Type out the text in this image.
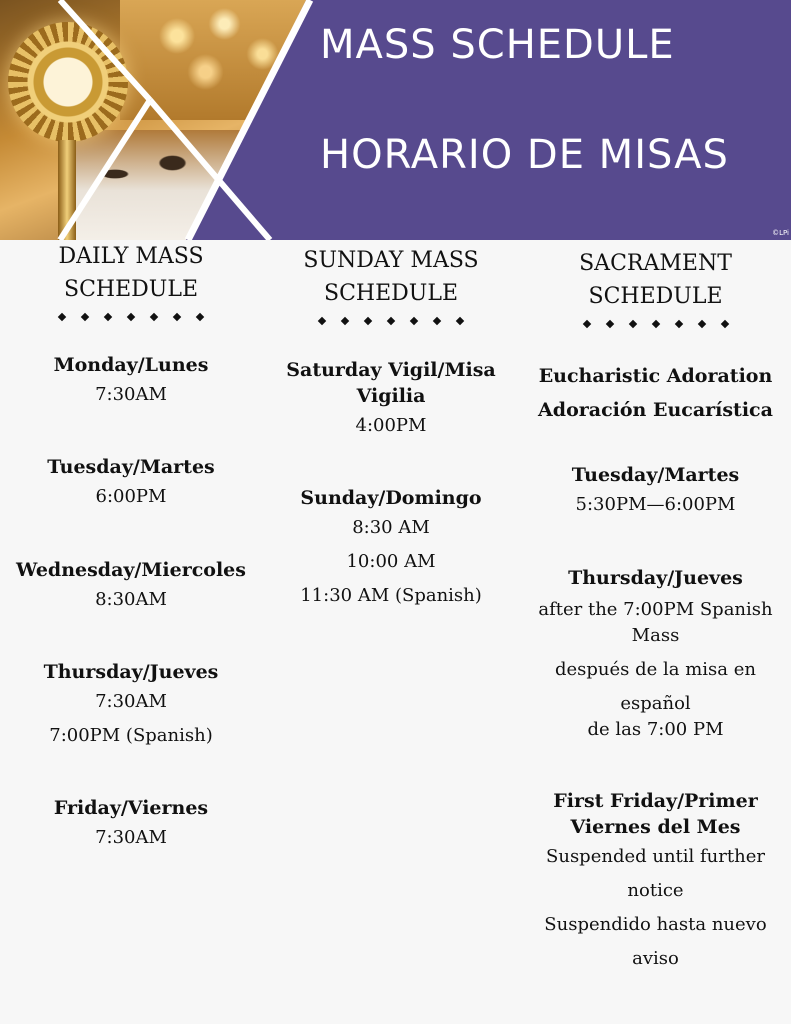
MASS SCHEDULE
HORARIO DE MISAS
©LPi
DAILY MASS
SCHEDULE
Monday/Lunes
7:30AM
Tuesday/Martes
6:00PM
Wednesday/Miercoles
8:30AM
Thursday/Jueves
7:30AM
7:00PM (Spanish)
Friday/Viernes
7:30AM
SUNDAY MASS
SCHEDULE
Saturday Vigil/Misa
Vigilia
4:00PM
Sunday/Domingo
8:30 AM
10:00 AM
11:30 AM (Spanish)
SACRAMENT
SCHEDULE
Eucharistic Adoration
Adoración Eucarística
Tuesday/Martes
5:30PM—6:00PM
Thursday/Jueves
after the 7:00PM Spanish
Mass
después de la misa en
español
de las 7:00 PM
First Friday/Primer
Viernes del Mes
Suspended until further
notice
Suspendido hasta nuevo
aviso
